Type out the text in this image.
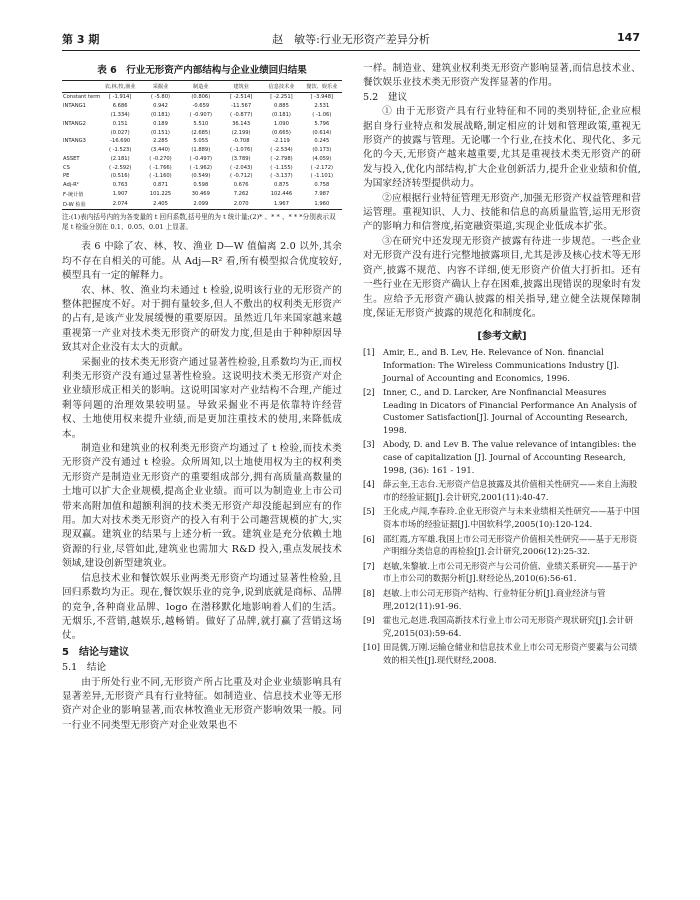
第 3 期	赵　敏等:行业无形资产差异分析	147
表 6　行业无形资产内部结构与企业业绩回归结果
	农,林,牧,渔业	采掘业	制造业	建筑业	信息技术业	餐饮、娱乐业
Constant term	[ -1.914]	( -5.80)	(0.806)	[ -2.514]	[ -2.251]	[ -3.948]
INTANG1	6.686	0.942	-0.659	-11.567	0.885	2.531
	(1.334)	(0.181)	( -0.907)	( -0.877)	(0.181)	( -1.06)
INTANG2	0.151	0.189	5.510	36.143	1.090	5.796
	(0.027)	(0.151)	(2.685)	(2.199)	(0.665)	(0.614)
INTANG3	-16.690	2.285	5.055	-0.708	-2.119	0.245
	( -1.523)	(3.440)	(1.889)	( -1.076)	( -2.534)	(0.173)
ASSET	(2.181)	( -0.270)	( -0.497)	(3.789)	( -2.798)	(4.059)
CS	( -2.592)	( -1.766)	( -1.962)	( -2.043)	( -1.155)	( -2.172)
PE	(0.516)	( -1.160)	(0.549)	( -0.712)	( -3.137)	( -1.101)
Adj-R²	0.763	0.871	0.598	0.676	0.875	0.758
F-统计值	1.907	101.225	30.469	7.262	102.446	7.987
D-W 检验	2.074	2.405	2.099	2.070	1.967	1.960
注:(1)表内括号内的为各变量的 t 回归系数,括号里的为 t 统计量;(2)* 、* * 、* * *分别表示双尾 t 检验分别在 0.1、0.05、0.01 上显著。

表 6 中除了农、林、牧、渔业 D—W 值偏离 2.0 以外,其余均不存在自相关的可能。从 Adj—R² 看,所有模型拟合优度较好,模型具有一定的解释力。

农、林、牧、渔业均未通过 t 检验,说明该行业的无形资产的整体把握度不好。对于拥有量较多,但人不敷出的权利类无形资产的占有,是该产业发展缓慢的重要原因。虽然近几年来国家越来越重视第一产业对技术类无形资产的研发力度,但是由于种种原因导致其对企业没有太大的贡献。

采掘业的技术类无形资产通过显著性检验,且系数均为正,而权利类无形资产没有通过显著性检验。这说明技术类无形资产对企业业绩形成正相关的影响。这说明国家对产业结构不合理,产能过剩等问题的治理效果较明显。导致采掘业不再是依靠特许经营权、土地使用权来提升业绩,而是更加注重技术的使用,来降低成本。

制造业和建筑业的权利类无形资产均通过了 t 检验,而技术类无形资产没有通过 t 检验。众所周知,以土地使用权为主的权利类无形资产是制造业无形资产的重要组成部分,拥有高质量高数量的土地可以扩大企业规模,提高企业业绩。而可以为制造业上市公司带来高附加值和超额利润的技术类无形资产却没能起到应有的作用。加大对技术类无形资产的投入有利于公司趣营规模的扩大,实现双赢。建筑业的结果与上述分析一致。建筑业是充分依赖土地资源的行业,尽管如此,建筑业也需加大 R&D 投入,重点发展技术领域,建设创新型建筑业。

信息技术业和餐饮娱乐业两类无形资产均通过显著性检验,且回归系数均为正。现在,餐饮娱乐业的竞争,说到底就是商标、品牌的竞争,各种商业品牌、logo 在潜移默化地影响着人们的生活。无烟乐,不营销,越娱乐,越畅销。做好了品牌,就打赢了营销这场仗。

5　结论与建议
5.1　结论

由于所处行业不同,无形资产所占比重及对企业业绩影响具有显著差异,无形资产具有行业特征。如制造业、信息技术业等无形资产对企业的影响显著,而农林牧渔业无形资产影响效果一般。同一行业不同类型无形资产对企业效果也不

一样。制造业、建筑业权利类无形资产影响显著,而信息技术业、餐饮娱乐业技术类无形资产发挥显著的作用。

5.2　建议

① 由于无形资产具有行业特征和不同的类别特征,企业应根据自身行业特点和发展战略,制定相应的计划和管理政策,重视无形资产的披露与管理。无论哪一个行业,在技术化、现代化、多元化的今天,无形资产越来越重要,尤其是重视技术类无形资产的研发与投入,优化内部结构,扩大企业创新活力,提升企业业绩和价值,为国家经济转型提供动力。

②应根据行业特征管理无形资产,加强无形资产权益管理和营运管理。重视知识、人力、技能和信息的高质量监管,运用无形资产的影响力和信誉度,拓宽融资渠道,实现企业低成本扩张。

③在研究中还发现无形资产披露有待进一步规范。一些企业对无形资产没有进行完整地披露项目,尤其是涉及核心技术等无形资产,披露不规范、内容不详细,使无形资产价值大打折扣。还有一些行业在无形资产确认上存在困难,披露出现错误的现象时有发生。应给予无形资产确认披露的相关指导,建立健全法规保障制度,保证无形资产披露的规范化和制度化。

[参考文献]
[1] Amir, E., and B. Lev, He. Relevance of Non. financial Information: The Wireless Communications Industry [J]. Journal of Accounting and Economics, 1996.
[2] Inner, C., and D. Larcker, Are Nonfinancial Measures Leading in Dicators of Financial Performance An Analysis of Customer Satisfaction[J]. Journal of Accounting Research, 1998.
[3] Abody, D. and Lev B. The value relevance of intangibles: the case of capitalization [J]. Journal of Accounting Research, 1998, (36): 161 - 191.
[4] 薛云奎,王志台.无形资产信息披露及其价值相关性研究——来自上海股市的经验证据[J].会计研究,2001(11):40-47.
[5] 王化成,卢闯,李春玲.企业无形资产与未来业绩相关性研究——基于中国资本市场的经验证据[J].中国软科学,2005(10):120-124.
[6] 邵红霞,方军雄.我国上市公司无形资产价值相关性研究——基于无形资产明细分类信息的再检验[J].会计研究,2006(12):25-32.
[7] 赵敏,朱黎敏.上市公司无形资产与公司价值、业绩关系研究——基于沪市上市公司的数据分析[J].财经论丛,2010(6):56-61.
[8] 赵敏.上市公司无形资产结构、行业特征分析[J].商业经济与管理,2012(11):91-96.
[9] 霍也元,赵进.我国高新技术行业上市公司无形资产现状研究[J].会计研究,2015(03):59-64.
[10] 田昆儒,万刚.运输仓储业和信息技术业上市公司无形资产要素与公司绩效的相关性[J].现代财经,2008.
